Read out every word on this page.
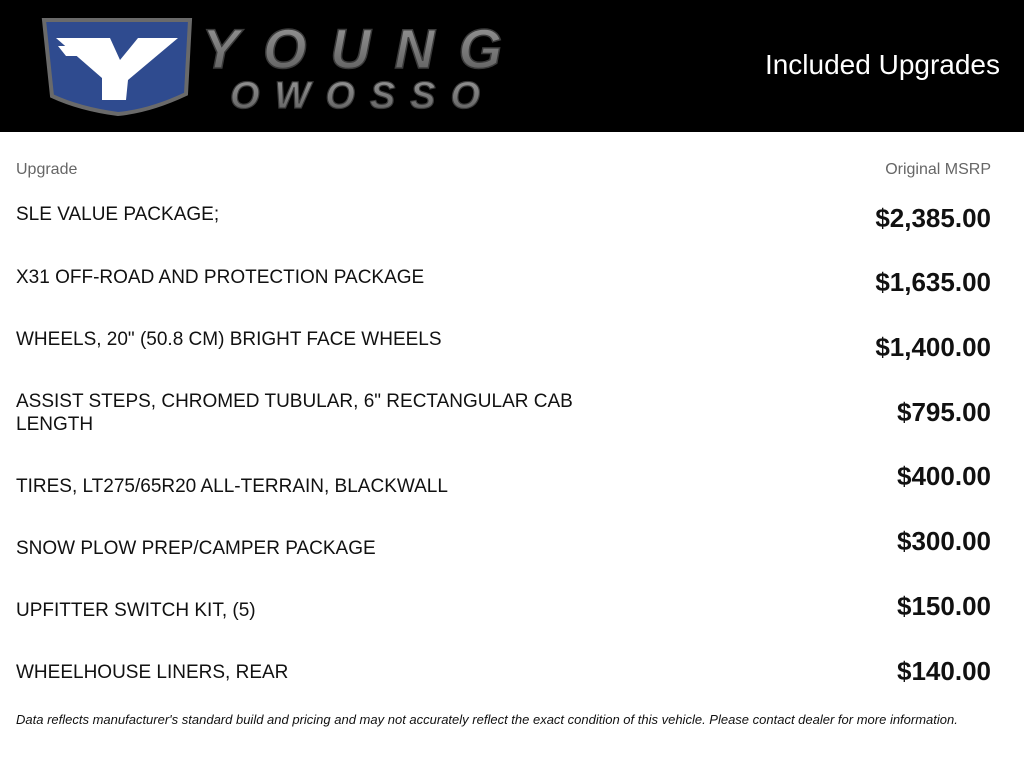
YOUNG
OWOSSO
Included Upgrades
Upgrade	Original MSRP
SLE VALUE PACKAGE;	$2,385.00
X31 OFF-ROAD AND PROTECTION PACKAGE	$1,635.00
WHEELS, 20" (50.8 CM) BRIGHT FACE WHEELS	$1,400.00
ASSIST STEPS, CHROMED TUBULAR, 6" RECTANGULAR CAB LENGTH	$795.00
TIRES, LT275/65R20 ALL-TERRAIN, BLACKWALL	$400.00
SNOW PLOW PREP/CAMPER PACKAGE	$300.00
UPFITTER SWITCH KIT, (5)	$150.00
WHEELHOUSE LINERS, REAR	$140.00
Data reflects manufacturer's standard build and pricing and may not accurately reflect the exact condition of this vehicle. Please contact dealer for more information.
